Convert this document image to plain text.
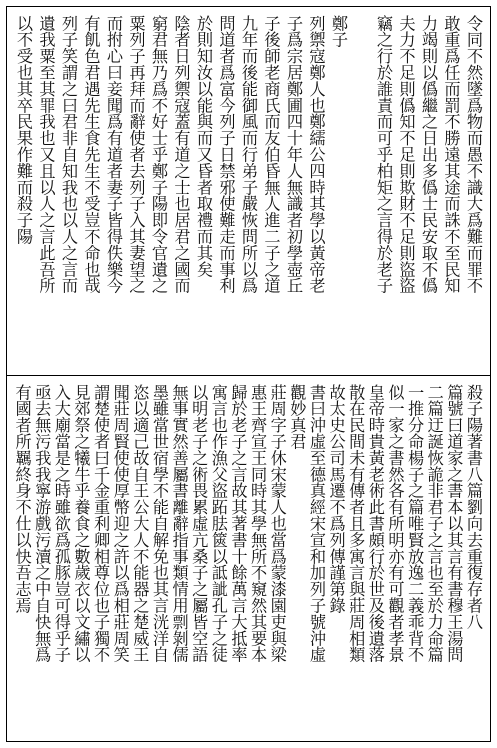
令同不然墜爲物而愚不識大爲難而罪不
敢重爲任而罰不勝遠其途而誅不至民知
力竭則以僞繼之日出多僞士民安取不僞
夫力不足則僞知不足則欺財不足則盜盜
竊之行於誰責而可乎柏矩之言得於老子
鄭子
列禦寇鄭人也鄭繻公四時其學以黃帝老
子爲宗居鄭圃四十年人無識者初學壺丘
子後師老商氏而友伯昏無人進二子之道
九年而後能御風而行弟子嚴恢問所以爲
問道者爲富今列子日禁邪使難走而事利
於則知汝以能與而又昏者取禮而其矣
陰者日列禦寇蓋有道之士也居君之國而
窮君無乃爲不好士乎鄭子陽即令官遺之
粟列子再拜而辭使者去列子入其妻望之
而拊心曰妾聞爲有道者妻子皆得佚樂今
有飢色君遇先生食先生不受豈不命也哉
列子笑謂之曰君非自知我也以人之言而
遺我粟至其罪我也又且以人之言此吾所
以不受也其卒民果作難而殺子陽
殺子陽著書八篇劉向去重復存者八
篇號曰道家之書本以其言有書穆王湯問
二篇迂誕恢詭非君子之言也至於力命篇
一推分命楊子之篇唯賢放逸二義乖背不
似一家之書然各有所明亦有可觀者孝景
皇帝時貴黃老術此書頗行於世及後遺落
散在民間未有傳者且多寓言與莊周相類
故太史公司馬遷不爲列傳謹第錄
書曰沖虛至德真經宋宣和加列子號沖虛
觀妙真君
莊周字子休宋蒙人也當爲蒙漆園吏與梁
惠王齊宣王同時其學無所不窺然其要本
歸於老子之言故其著書十餘萬言大抵率
寓言也作漁父盜跖胠篋以詆訿孔子之徒
以明老子之術畏累虛亢桑子之屬皆空語
無事實然善屬書離辭指事類情用剽剝儒
墨雖當世宿學不能自解免也其言洸洋自
恣以適己故自王公大人不能器之楚威王
聞莊周賢使使厚幣迎之許以爲相莊周笑
謂楚使者曰千金重利卿相尊位也子獨不
見郊祭之犧牛乎養食之數歲衣以文繡以
入大廟當是之時雖欲爲孤豚豈可得乎子
亟去無污我我寧游戲污瀆之中自快無爲
有國者所羈終身不仕以快吾志焉
